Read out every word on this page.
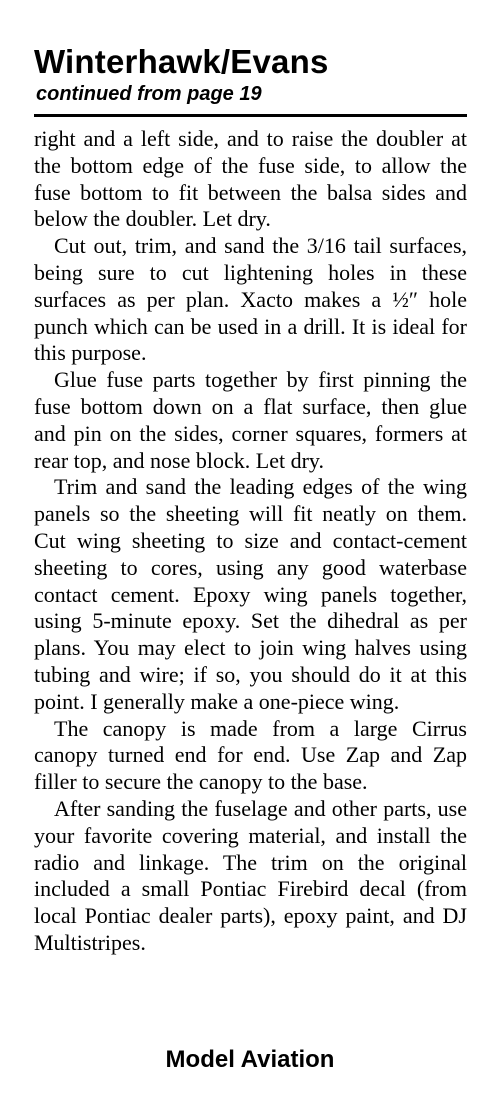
Winterhawk/Evans
continued from page 19

right and a left side, and to raise the doubler at the bottom edge of the fuse side, to allow the fuse bottom to fit between the balsa sides and below the doubler. Let dry.

Cut out, trim, and sand the 3/16 tail surfaces, being sure to cut lightening holes in these surfaces as per plan. Xacto makes a ½″ hole punch which can be used in a drill. It is ideal for this purpose.

Glue fuse parts together by first pinning the fuse bottom down on a flat surface, then glue and pin on the sides, corner squares, formers at rear top, and nose block. Let dry.

Trim and sand the leading edges of the wing panels so the sheeting will fit neatly on them. Cut wing sheeting to size and contact-cement sheeting to cores, using any good waterbase contact cement. Epoxy wing panels together, using 5-minute epoxy. Set the dihedral as per plans. You may elect to join wing halves using tubing and wire; if so, you should do it at this point. I generally make a one-piece wing.

The canopy is made from a large Cirrus canopy turned end for end. Use Zap and Zap filler to secure the canopy to the base.

After sanding the fuselage and other parts, use your favorite covering material, and install the radio and linkage. The trim on the original included a small Pontiac Firebird decal (from local Pontiac dealer parts), epoxy paint, and DJ Multistripes.

Model Aviation
